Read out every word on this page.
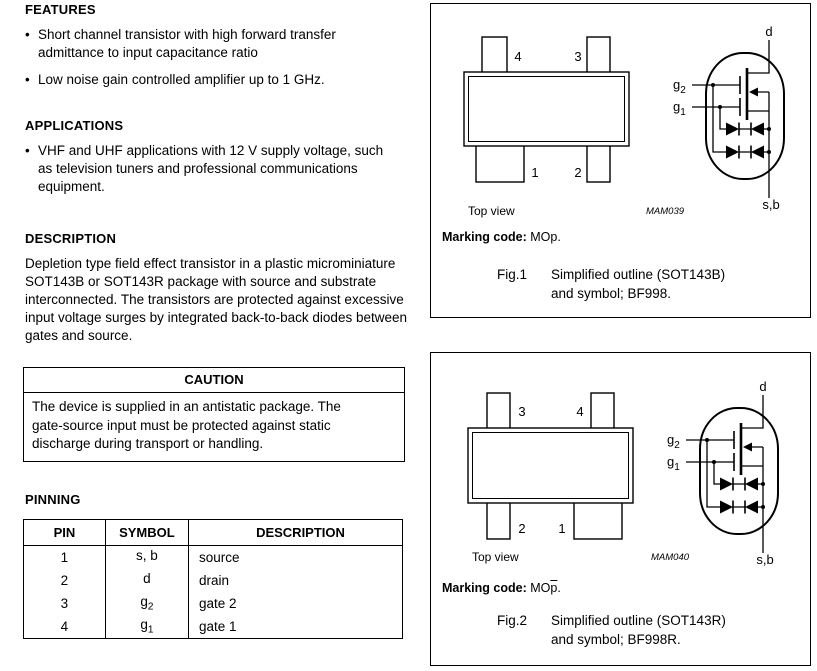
FEATURES
• Short channel transistor with high forward transfer admittance to input capacitance ratio
• Low noise gain controlled amplifier up to 1 GHz.
APPLICATIONS
• VHF and UHF applications with 12 V supply voltage, such as television tuners and professional communications equipment.
DESCRIPTION
Depletion type field effect transistor in a plastic microminiature SOT143B or SOT143R package with source and substrate interconnected. The transistors are protected against excessive input voltage surges by integrated back-to-back diodes between gates and source.
CAUTION
The device is supplied in an antistatic package. The gate-source input must be protected against static discharge during transport or handling.
PINNING
PIN	SYMBOL	DESCRIPTION
1	s, b	source
2	d	drain
3	$g_2$	gate 2
4	$g_1$	gate 1
4	3
1	2
d
$g_2$
$g_1$
s,b
Top view	MAM039
Marking code: MOp.
Fig.1	Simplified outline (SOT143B)
and symbol; BF998.
3	4
2	1
d
$g_2$
$g_1$
s,b
Top view	MAM040
Marking code: $MO\overline{p}$.
Fig.2	Simplified outline (SOT143R)
and symbol; BF998R.
